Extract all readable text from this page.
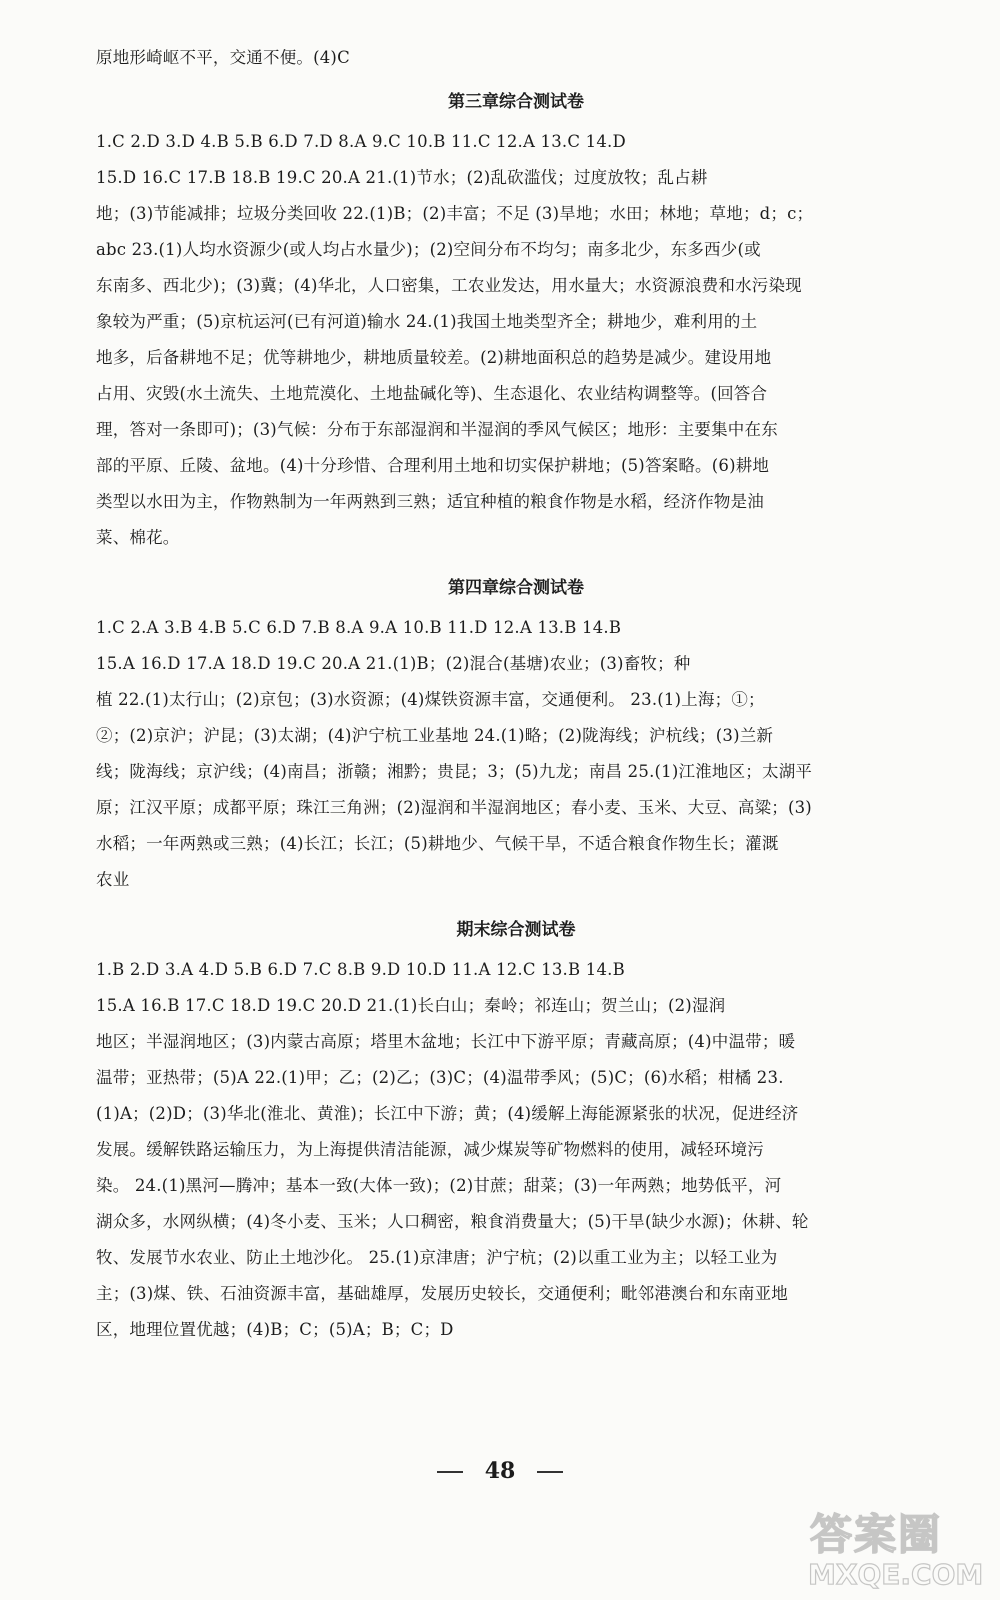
原地形崎岖不平，交通不便。(4)C
第三章综合测试卷
1.C 2.D 3.D 4.B 5.B 6.D 7.D 8.A 9.C 10.B 11.C 12.A 13.C 14.D
15.D 16.C 17.B 18.B 19.C 20.A 21.(1)节水；(2)乱砍滥伐；过度放牧；乱占耕
地；(3)节能减排；垃圾分类回收 22.(1)B；(2)丰富；不足 (3)旱地；水田；林地；草地；d；c；
abc 23.(1)人均水资源少(或人均占水量少)；(2)空间分布不均匀；南多北少，东多西少(或
东南多、西北少)；(3)冀；(4)华北，人口密集，工农业发达，用水量大；水资源浪费和水污染现
象较为严重；(5)京杭运河(已有河道)输水 24.(1)我国土地类型齐全；耕地少，难利用的土
地多，后备耕地不足；优等耕地少，耕地质量较差。(2)耕地面积总的趋势是减少。建设用地
占用、灾毁(水土流失、土地荒漠化、土地盐碱化等)、生态退化、农业结构调整等。(回答合
理，答对一条即可)；(3)气候：分布于东部湿润和半湿润的季风气候区；地形：主要集中在东
部的平原、丘陵、盆地。(4)十分珍惜、合理利用土地和切实保护耕地；(5)答案略。(6)耕地
类型以水田为主，作物熟制为一年两熟到三熟；适宜种植的粮食作物是水稻，经济作物是油
菜、棉花。
第四章综合测试卷
1.C 2.A 3.B 4.B 5.C 6.D 7.B 8.A 9.A 10.B 11.D 12.A 13.B 14.B
15.A 16.D 17.A 18.D 19.C 20.A 21.(1)B；(2)混合(基塘)农业；(3)畜牧；种
植 22.(1)太行山；(2)京包；(3)水资源；(4)煤铁资源丰富，交通便利。 23.(1)上海；①；
②；(2)京沪；沪昆；(3)太湖；(4)沪宁杭工业基地 24.(1)略；(2)陇海线；沪杭线；(3)兰新
线；陇海线；京沪线；(4)南昌；浙赣；湘黔；贵昆；3；(5)九龙；南昌 25.(1)江淮地区；太湖平
原；江汉平原；成都平原；珠江三角洲；(2)湿润和半湿润地区；春小麦、玉米、大豆、高粱；(3)
水稻；一年两熟或三熟；(4)长江；长江；(5)耕地少、气候干旱，不适合粮食作物生长；灌溉
农业
期末综合测试卷
1.B 2.D 3.A 4.D 5.B 6.D 7.C 8.B 9.D 10.D 11.A 12.C 13.B 14.B
15.A 16.B 17.C 18.D 19.C 20.D 21.(1)长白山；秦岭；祁连山；贺兰山；(2)湿润
地区；半湿润地区；(3)内蒙古高原；塔里木盆地；长江中下游平原；青藏高原；(4)中温带；暖
温带；亚热带；(5)A 22.(1)甲；乙；(2)乙；(3)C；(4)温带季风；(5)C；(6)水稻；柑橘 23.
(1)A；(2)D；(3)华北(淮北、黄淮)；长江中下游；黄；(4)缓解上海能源紧张的状况，促进经济
发展。缓解铁路运输压力，为上海提供清洁能源，减少煤炭等矿物燃料的使用，减轻环境污
染。 24.(1)黑河—腾冲；基本一致(大体一致)；(2)甘蔗；甜菜；(3)一年两熟；地势低平，河
湖众多，水网纵横；(4)冬小麦、玉米；人口稠密，粮食消费量大；(5)干旱(缺少水源)；休耕、轮
牧、发展节水农业、防止土地沙化。 25.(1)京津唐；沪宁杭；(2)以重工业为主；以轻工业为
主；(3)煤、铁、石油资源丰富，基础雄厚，发展历史较长，交通便利；毗邻港澳台和东南亚地
区，地理位置优越；(4)B；C；(5)A；B；C；D
48
答案圈
MXQE.COM
